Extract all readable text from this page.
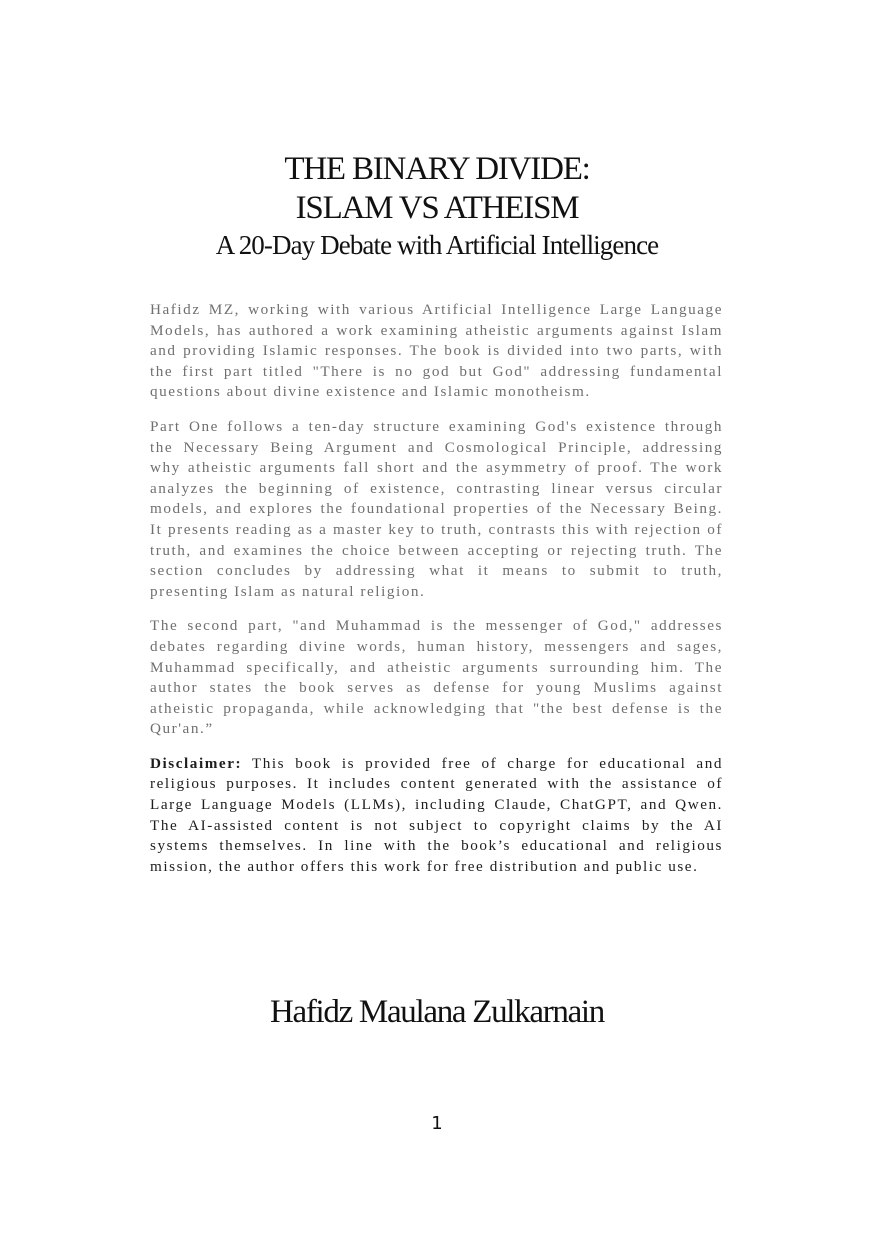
THE BINARY DIVIDE:
ISLAM VS ATHEISM
A 20-Day Debate with Artificial Intelligence

Hafidz MZ, working with various Artificial Intelligence Large Language Models, has authored a work examining atheistic arguments against Islam and providing Islamic responses. The book is divided into two parts, with the first part titled "There is no god but God" addressing fundamental questions about divine existence and Islamic monotheism.

Part One follows a ten-day structure examining God's existence through the Necessary Being Argument and Cosmological Principle, addressing why atheistic arguments fall short and the asymmetry of proof. The work analyzes the beginning of existence, contrasting linear versus circular models, and explores the foundational properties of the Necessary Being. It presents reading as a master key to truth, contrasts this with rejection of truth, and examines the choice between accepting or rejecting truth. The section concludes by addressing what it means to submit to truth, presenting Islam as natural religion.

The second part, "and Muhammad is the messenger of God," addresses debates regarding divine words, human history, messengers and sages, Muhammad specifically, and atheistic arguments surrounding him. The author states the book serves as defense for young Muslims against atheistic propaganda, while acknowledging that "the best defense is the Qur'an.”

Disclaimer: This book is provided free of charge for educational and religious purposes. It includes content generated with the assistance of Large Language Models (LLMs), including Claude, ChatGPT, and Qwen. The AI-assisted content is not subject to copyright claims by the AI systems themselves. In line with the book’s educational and religious mission, the author offers this work for free distribution and public use.

Hafidz Maulana Zulkarnain
1
